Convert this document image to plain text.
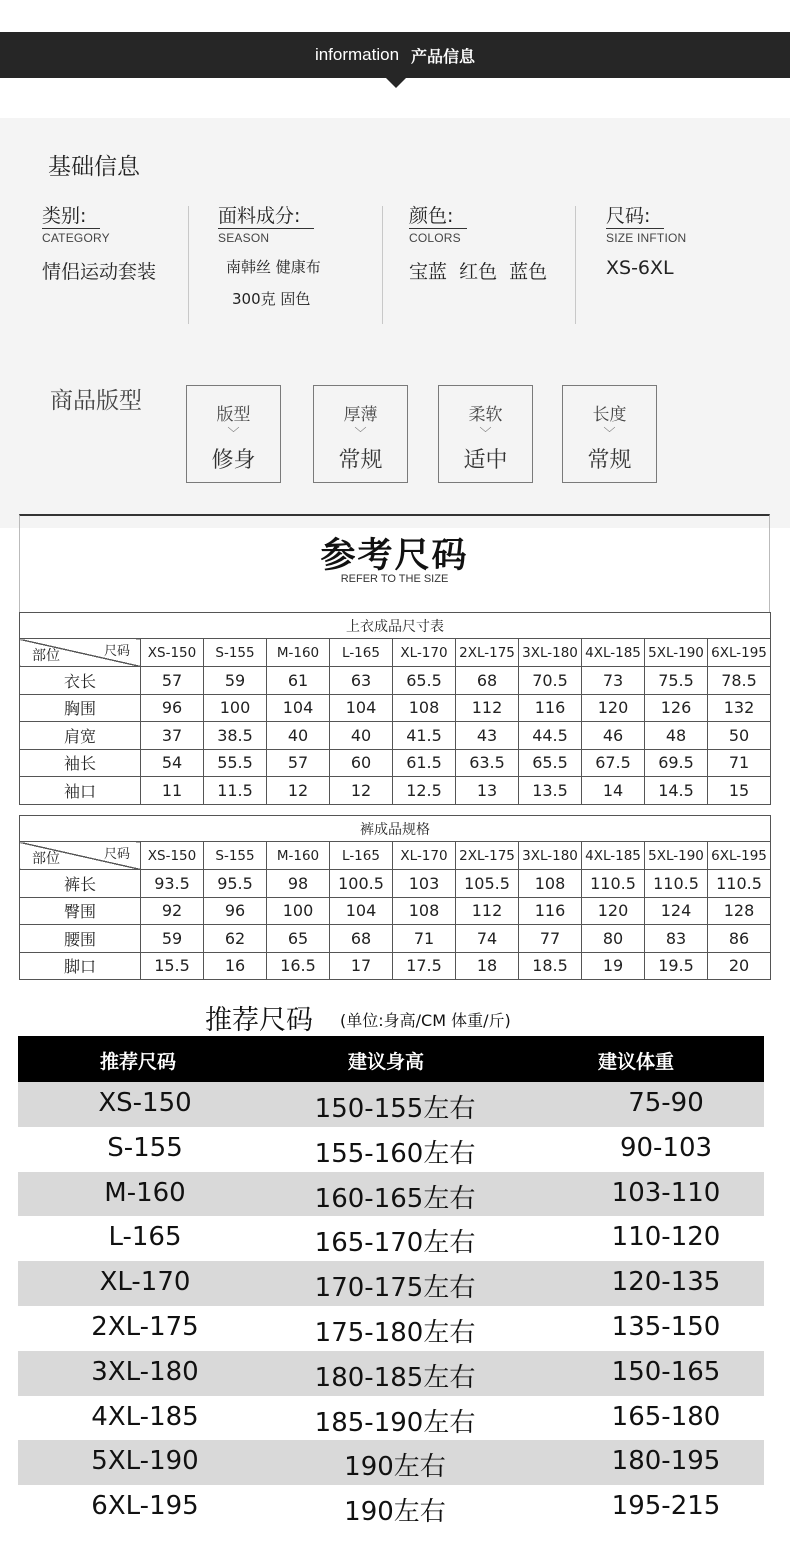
information 产品信息
基础信息
类别:
CATEGORY
情侣运动套装
面料成分:
SEASON
南韩丝 健康布
300克 固色
颜色:
COLORS
宝蓝  红色  蓝色
尺码:
SIZE INFTION
XS-6XL
商品版型
版型
﹀
修身
厚薄
﹀
常规
柔软
﹀
适中
长度
﹀
常规
参考尺码
REFER TO THE SIZE
上衣成品尺寸表										

尺码
部位	XS-150	S-155	M-160	L-165	XL-170	2XL-175	3XL-180	4XL-185	5XL-190	6XL-195
衣长	57	59	61	63	65.5	68	70.5	73	75.5	78.5
胸围	96	100	104	104	108	112	116	120	126	132
肩宽	37	38.5	40	40	41.5	43	44.5	46	48	50
袖长	54	55.5	57	60	61.5	63.5	65.5	67.5	69.5	71
袖口	11	11.5	12	12	12.5	13	13.5	14	14.5	15
裤成品规格										

尺码
部位	XS-150	S-155	M-160	L-165	XL-170	2XL-175	3XL-180	4XL-185	5XL-190	6XL-195
裤长	93.5	95.5	98	100.5	103	105.5	108	110.5	110.5	110.5
臀围	92	96	100	104	108	112	116	120	124	128
腰围	59	62	65	68	71	74	77	80	83	86
脚口	15.5	16	16.5	17	17.5	18	18.5	19	19.5	20
推荐尺码 (单位:身高/CM 体重/斤)
推荐尺码	建议身高	建议体重
XS-150	150-155左右	75-90
S-155	155-160左右	90-103
M-160	160-165左右	103-110
L-165	165-170左右	110-120
XL-170	170-175左右	120-135
2XL-175	175-180左右	135-150
3XL-180	180-185左右	150-165
4XL-185	185-190左右	165-180
5XL-190	190左右	180-195
6XL-195	190左右	195-215
